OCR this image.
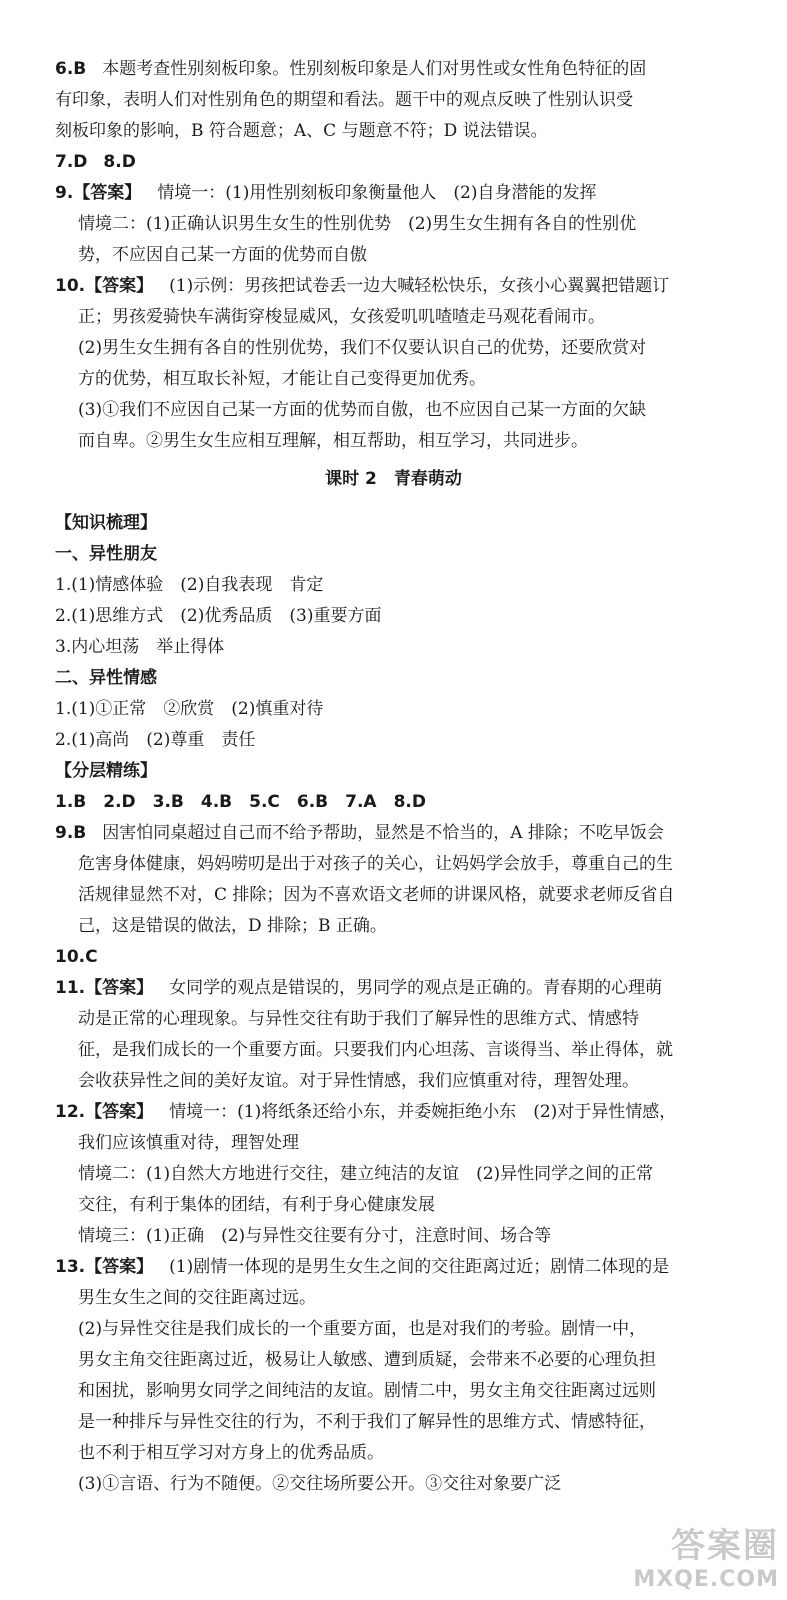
6.B 本题考查性别刻板印象。性别刻板印象是人们对男性或女性角色特征的固
有印象，表明人们对性别角色的期望和看法。题干中的观点反映了性别认识受
刻板印象的影响，B 符合题意；A、C 与题意不符；D 说法错误。
7.D 8.D
9.【答案】 情境一：(1)用性别刻板印象衡量他人　(2)自身潜能的发挥
情境二：(1)正确认识男生女生的性别优势　(2)男生女生拥有各自的性别优
势，不应因自己某一方面的优势而自傲
10.【答案】 (1)示例：男孩把试卷丢一边大喊轻松快乐，女孩小心翼翼把错题订
正；男孩爱骑快车满街穿梭显威风，女孩爱叽叽喳喳走马观花看闹市。
(2)男生女生拥有各自的性别优势，我们不仅要认识自己的优势，还要欣赏对
方的优势，相互取长补短，才能让自己变得更加优秀。
(3)①我们不应因自己某一方面的优势而自傲，也不应因自己某一方面的欠缺
而自卑。②男生女生应相互理解，相互帮助，相互学习，共同进步。
课时 2　青春萌动
【知识梳理】
一、异性朋友
1.(1)情感体验　(2)自我表现　肯定
2.(1)思维方式　(2)优秀品质　(3)重要方面
3.内心坦荡　举止得体
二、异性情感
1.(1)①正常　②欣赏　(2)慎重对待
2.(1)高尚　(2)尊重　责任
【分层精练】
1.B　2.D　3.B　4.B　5.C　6.B　7.A　8.D
9.B 因害怕同桌超过自己而不给予帮助，显然是不恰当的，A 排除；不吃早饭会
危害身体健康，妈妈唠叨是出于对孩子的关心，让妈妈学会放手，尊重自己的生
活规律显然不对，C 排除；因为不喜欢语文老师的讲课风格，就要求老师反省自
己，这是错误的做法，D 排除；B 正确。
10.C
11.【答案】 女同学的观点是错误的，男同学的观点是正确的。青春期的心理萌
动是正常的心理现象。与异性交往有助于我们了解异性的思维方式、情感特
征，是我们成长的一个重要方面。只要我们内心坦荡、言谈得当、举止得体，就
会收获异性之间的美好友谊。对于异性情感，我们应慎重对待，理智处理。
12.【答案】 情境一：(1)将纸条还给小东，并委婉拒绝小东　(2)对于异性情感，
我们应该慎重对待，理智处理
情境二：(1)自然大方地进行交往，建立纯洁的友谊　(2)异性同学之间的正常
交往，有利于集体的团结，有利于身心健康发展
情境三：(1)正确　(2)与异性交往要有分寸，注意时间、场合等
13.【答案】 (1)剧情一体现的是男生女生之间的交往距离过近；剧情二体现的是
男生女生之间的交往距离过远。
(2)与异性交往是我们成长的一个重要方面，也是对我们的考验。剧情一中，
男女主角交往距离过近，极易让人敏感、遭到质疑，会带来不必要的心理负担
和困扰，影响男女同学之间纯洁的友谊。剧情二中，男女主角交往距离过远则
是一种排斥与异性交往的行为，不利于我们了解异性的思维方式、情感特征，
也不利于相互学习对方身上的优秀品质。
(3)①言语、行为不随便。②交往场所要公开。③交往对象要广泛
答案圈
MXQE.COM
